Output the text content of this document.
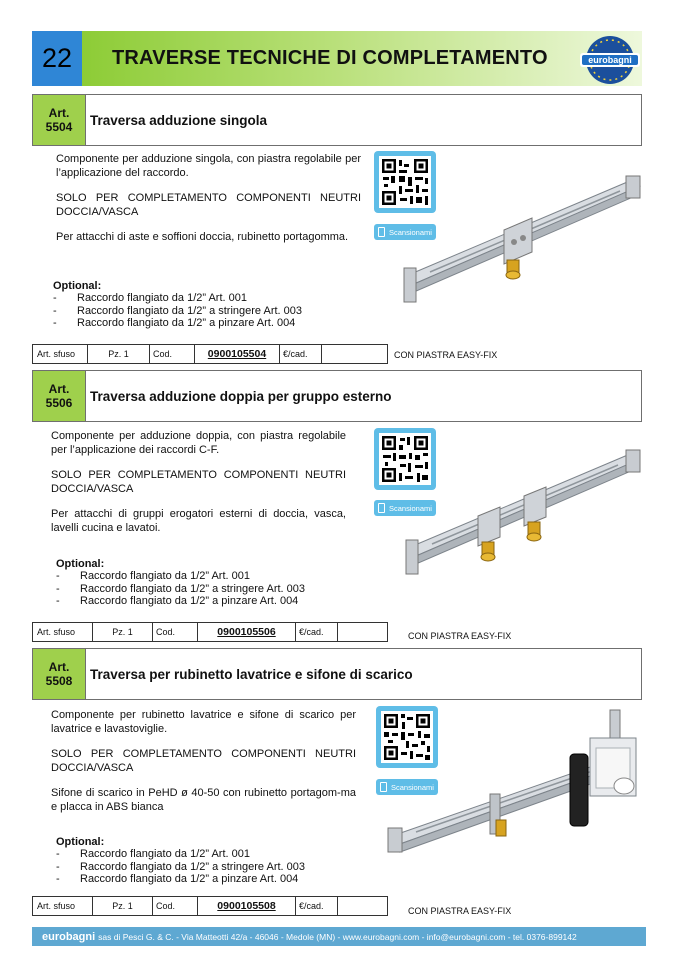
22	TRAVERSE TECNICHE DI COMPLETAMENTO	eurobagni
Art.
5504 Traversa adduzione singola

Componente per adduzione singola, con piastra regolabile per l’applicazione del raccordo.

SOLO PER COMPLETAMENTO COMPONENTI NEUTRI DOCCIA/VASCA

Per attacchi di aste e soffioni doccia, rubinetto portagomma.

Optional:
- Raccordo flangiato da 1/2” Art. 001
- Raccordo flangiato da 1/2” a stringere Art. 003
- Raccordo flangiato da 1/2” a pinzare Art. 004
Scansionami
Art. sfuso	Pz. 1	Cod.	0900105504	€/cad.	CON PIASTRA EASY-FIX
Art.
5506 Traversa adduzione doppia per gruppo esterno

Componente per adduzione doppia, con piastra regolabile per l’applicazione dei raccordi C-F.

SOLO PER COMPLETAMENTO COMPONENTI NEUTRI DOCCIA/VASCA

Per attacchi di gruppi erogatori esterni di doccia, vasca, lavelli cucina e lavatoi.

Optional:
- Raccordo flangiato da 1/2” Art. 001
- Raccordo flangiato da 1/2” a stringere Art. 003
- Raccordo flangiato da 1/2” a pinzare Art. 004
Scansionami
Art. sfuso	Pz. 1	Cod.	0900105506	€/cad.	CON PIASTRA EASY-FIX
Art.
5508 Traversa per rubinetto lavatrice e sifone di scarico

Componente per rubinetto lavatrice e sifone di scarico per lavatrice e lavastoviglie.

SOLO PER COMPLETAMENTO COMPONENTI NEUTRI DOCCIA/VASCA

Sifone di scarico in PeHD ø 40-50 con rubinetto portagom-ma e placca in ABS bianca

Optional:
- Raccordo flangiato da 1/2” Art. 001
- Raccordo flangiato da 1/2” a stringere Art. 003
- Raccordo flangiato da 1/2” a pinzare Art. 004
Scansionami
Art. sfuso	Pz. 1	Cod.	0900105508	€/cad.	CON PIASTRA EASY-FIX
eurobagni sas di Pesci G. & C. - Via Matteotti 42/a - 46046 - Medole (MN) - www.eurobagni.com - info@eurobagni.com - tel. 0376-899142
